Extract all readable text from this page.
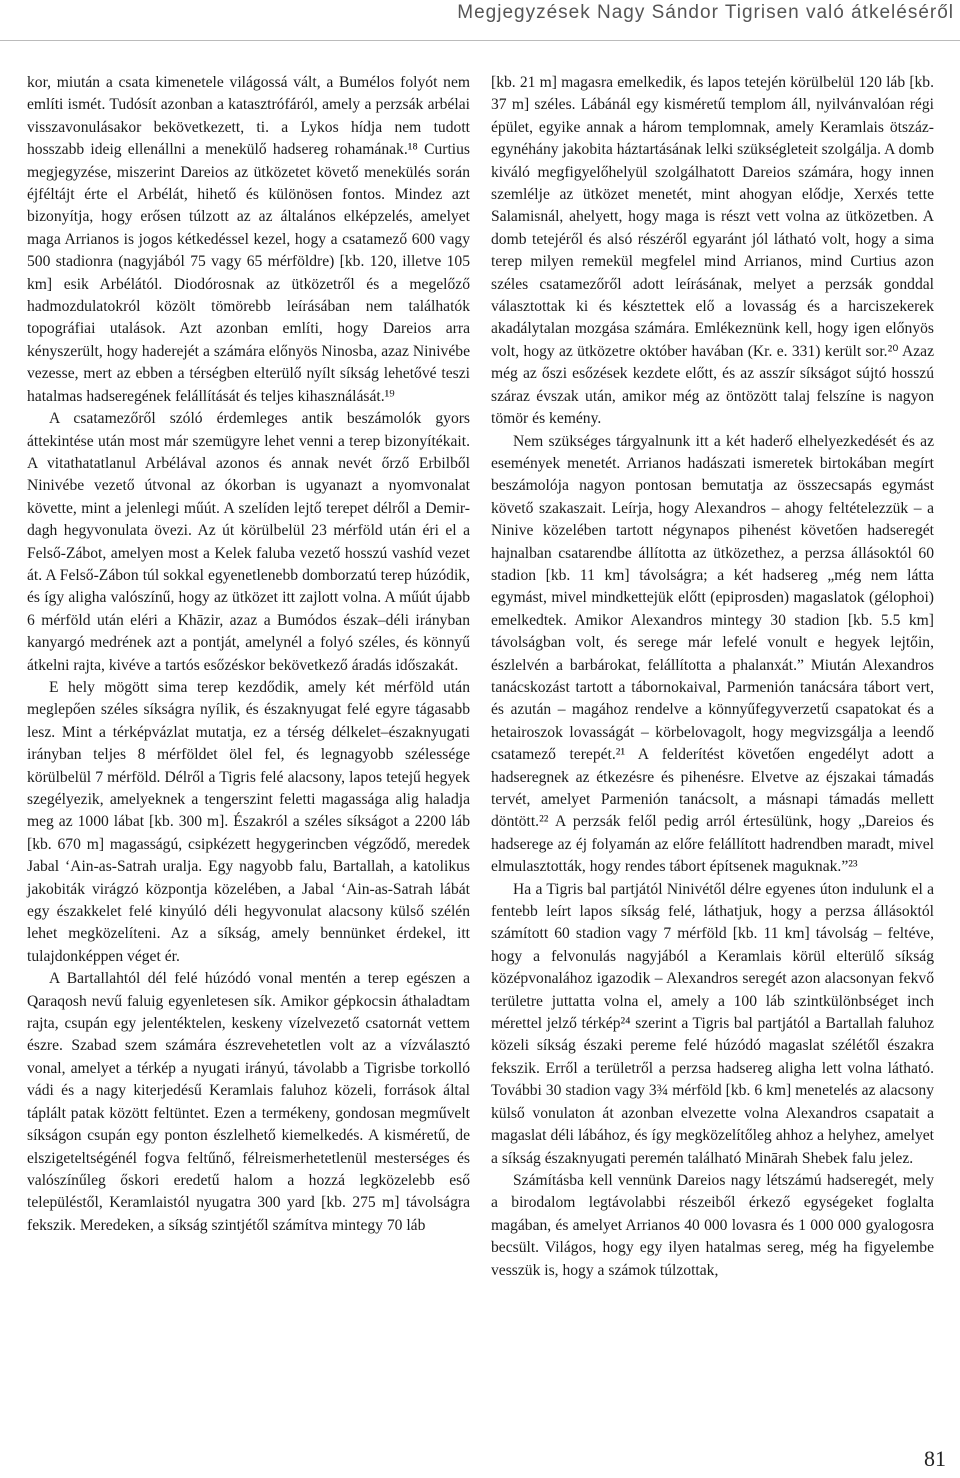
Megjegyzések Nagy Sándor Tigrisen való átkeléséről

kor, miután a csata kimenetele világossá vált, a Bumélos folyót nem említi ismét. Tudósít azonban a katasztrófáról, amely a perzsák arbélai visszavonulásakor bekövetkezett, ti. a Lykos hídja nem tudott hosszabb ideig ellenállni a menekülő hadsereg rohamának.¹⁸ Curtius megjegyzése, miszerint Dareios az ütközetet követő menekülés során éjféltájt érte el Arbélát, hihető és különösen fontos. Mindez azt bizonyítja, hogy erősen túlzott az az általános elképzelés, amelyet maga Arrianos is jogos kétkedéssel kezel, hogy a csatamező 600 vagy 500 stadionra (nagyjából 75 vagy 65 mérföldre) [kb. 120, illetve 105 km] esik Arbélától. Diodórosnak az ütközetről és a megelőző hadmozdulatokról közölt tömörebb leírásában nem találhatók topográfiai utalások. Azt azonban említi, hogy Dareios arra kényszerült, hogy haderejét a számára előnyös Ninosba, azaz Ninivébe vezesse, mert az ebben a térségben elterülő nyílt síkság lehetővé teszi hatalmas hadseregének felállítását és teljes kihasználását.¹⁹

A csatamezőről szóló érdemleges antik beszámolók gyors áttekintése után most már szemügyre lehet venni a terep bizonyítékait. A vitathatatlanul Arbélával azonos és annak nevét őrző Erbilből Ninivébe vezető útvonal az ókorban is ugyanazt a nyomvonalat követte, mint a jelenlegi műút. A szelíden lejtő terepet délről a Demir-dagh hegyvonulata övezi. Az út körülbelül 23 mérföld után éri el a Felső-Zábot, amelyen most a Kelek faluba vezető hosszú vashíd vezet át. A Felső-Zábon túl sokkal egyenetlenebb domborzatú terep húzódik, és így aligha valószínű, hogy az ütközet itt zajlott volna. A műút újabb 6 mérföld után eléri a Khāzir, azaz a Bumódos észak–déli irányban kanyargó medrének azt a pontját, amelynél a folyó széles, és könnyű átkelni rajta, kivéve a tartós esőzéskor bekövetkező áradás időszakát.

E hely mögött sima terep kezdődik, amely két mérföld után meglepően széles síkságra nyílik, és északnyugat felé egyre tágasabb lesz. Mint a térképvázlat mutatja, ez a térség délkelet–északnyugati irányban teljes 8 mérföldet ölel fel, és legnagyobb szélessége körülbelül 7 mérföld. Délről a Tigris felé alacsony, lapos tetejű hegyek szegélyezik, amelyeknek a tengerszint feletti magassága alig haladja meg az 1000 lábat [kb. 300 m]. Északról a széles síkságot a 2200 láb [kb. 670 m] magasságú, csipkézett hegygerincben végződő, meredek Jabal ʻAin-as-Satrah uralja. Egy nagyobb falu, Bartallah, a katolikus jakobiták virágzó központja közelében, a Jabal ʻAin-as-Satrah lábát egy északkelet felé kinyúló déli hegyvonulat alacsony külső szélén lehet megközelíteni. Az a síkság, amely bennünket érdekel, itt tulajdonképpen véget ér.

A Bartallahtól dél felé húzódó vonal mentén a terep egészen a Qaraqosh nevű faluig egyenletesen sík. Amikor gépkocsin áthaladtam rajta, csupán egy jelentéktelen, keskeny vízelvezető csatornát vettem észre. Szabad szem számára észrevehetetlen volt az a vízválasztó vonal, amelyet a térkép a nyugati irányú, távolabb a Tigrisbe torkolló vádi és a nagy kiterjedésű Keramlais faluhoz közeli, források által táplált patak között feltüntet. Ezen a termékeny, gondosan megművelt síkságon csupán egy ponton észlelhető kiemelkedés. A kisméretű, de elszigeteltségénél fogva feltűnő, félreismerhetetlenül mesterséges és valószínűleg őskori eredetű halom a hozzá legközelebb eső településtől, Keramlaistól nyugatra 300 yard [kb. 275 m] távolságra fekszik. Meredeken, a síkság szintjétől számítva mintegy 70 láb

[kb. 21 m] magasra emelkedik, és lapos tetején körülbelül 120 láb [kb. 37 m] széles. Lábánál egy kisméretű templom áll, nyilvánvalóan régi épület, egyike annak a három templomnak, amely Keramlais ötszáz-egynéhány jakobita háztartásának lelki szükségleteit szolgálja. A domb kiváló megfigyelőhelyül szolgálhatott Dareios számára, hogy innen szemlélje az ütközet menetét, mint ahogyan elődje, Xerxés tette Salamisnál, ahelyett, hogy maga is részt vett volna az ütközetben. A domb tetejéről és alsó részéről egyaránt jól látható volt, hogy a sima terep milyen remekül megfelel mind Arrianos, mind Curtius azon széles csatamezőről adott leírásának, melyet a perzsák gonddal választottak ki és késztettek elő a lovasság és a harciszekerek akadálytalan mozgása számára. Emlékeznünk kell, hogy igen előnyös volt, hogy az ütközetre október havában (Kr. e. 331) került sor.²⁰ Azaz még az őszi esőzések kezdete előtt, és az asszír síkságot sújtó hosszú száraz évszak után, amikor még az öntözött talaj felszíne is nagyon tömör és kemény.

Nem szükséges tárgyalnunk itt a két haderő elhelyezkedését és az események menetét. Arrianos hadászati ismeretek birtokában megírt beszámolója nagyon pontosan bemutatja az összecsapás egymást követő szakaszait. Leírja, hogy Alexandros – ahogy feltételezzük – a Ninive közelében tartott négynapos pihenést követően hadseregét hajnalban csatarendbe állította az ütközethez, a perzsa állásoktól 60 stadion [kb. 11 km] távolságra; a két hadsereg „még nem látta egymást, mivel mindkettejük előtt (epiprosden) magaslatok (gélophoi) emelkedtek. Amikor Alexandros mintegy 30 stadion [kb. 5.5 km] távolságban volt, és serege már lefelé vonult e hegyek lejtőin, észlelvén a barbárokat, felállította a phalanxát.” Miután Alexandros tanácskozást tartott a tábornokaival, Parmenión tanácsára tábort vert, és azután – magához rendelve a könnyűfegyverzetű csapatokat és a hetairoszok lovasságát – körbelovagolt, hogy megvizsgálja a leendő csatamező terepét.²¹ A felderítést követően engedélyt adott a hadseregnek az étkezésre és pihenésre. Elvetve az éjszakai támadás tervét, amelyet Parmenión tanácsolt, a másnapi támadás mellett döntött.²² A perzsák felől pedig arról értesülünk, hogy „Dareios és hadserege az éj folyamán az előre felállított hadrendben maradt, mivel elmulasztották, hogy rendes tábort építsenek maguknak.”²³

Ha a Tigris bal partjától Ninivétől délre egyenes úton indulunk el a fentebb leírt lapos síkság felé, láthatjuk, hogy a perzsa állásoktól számított 60 stadion vagy 7 mérföld [kb. 11 km] távolság – feltéve, hogy a felvonulás nagyjából a Keramlais körül elterülő síkság középvonalához igazodik – Alexandros seregét azon alacsonyan fekvő területre juttatta volna el, amely a 100 láb szintkülönbséget inch mérettel jelző térkép²⁴ szerint a Tigris bal partjától a Bartallah faluhoz közeli síkság északi pereme felé húzódó magaslat szélétől északra fekszik. Erről a területről a perzsa hadsereg aligha lett volna látható. További 30 stadion vagy 3¾ mérföld [kb. 6 km] menetelés az alacsony külső vonulaton át azonban elvezette volna Alexandros csapatait a magaslat déli lábához, és így megközelítőleg ahhoz a helyhez, amelyet a síkság északnyugati peremén található Minārah Shebek falu jelez.

Számításba kell vennünk Dareios nagy létszámú hadseregét, mely a birodalom legtávolabbi részeiből érkező egységeket foglalta magában, és amelyet Arrianos 40 000 lovasra és 1 000 000 gyalogosra becsült. Világos, hogy egy ilyen hatalmas sereg, még ha figyelembe vesszük is, hogy a számok túlzottak,

81
